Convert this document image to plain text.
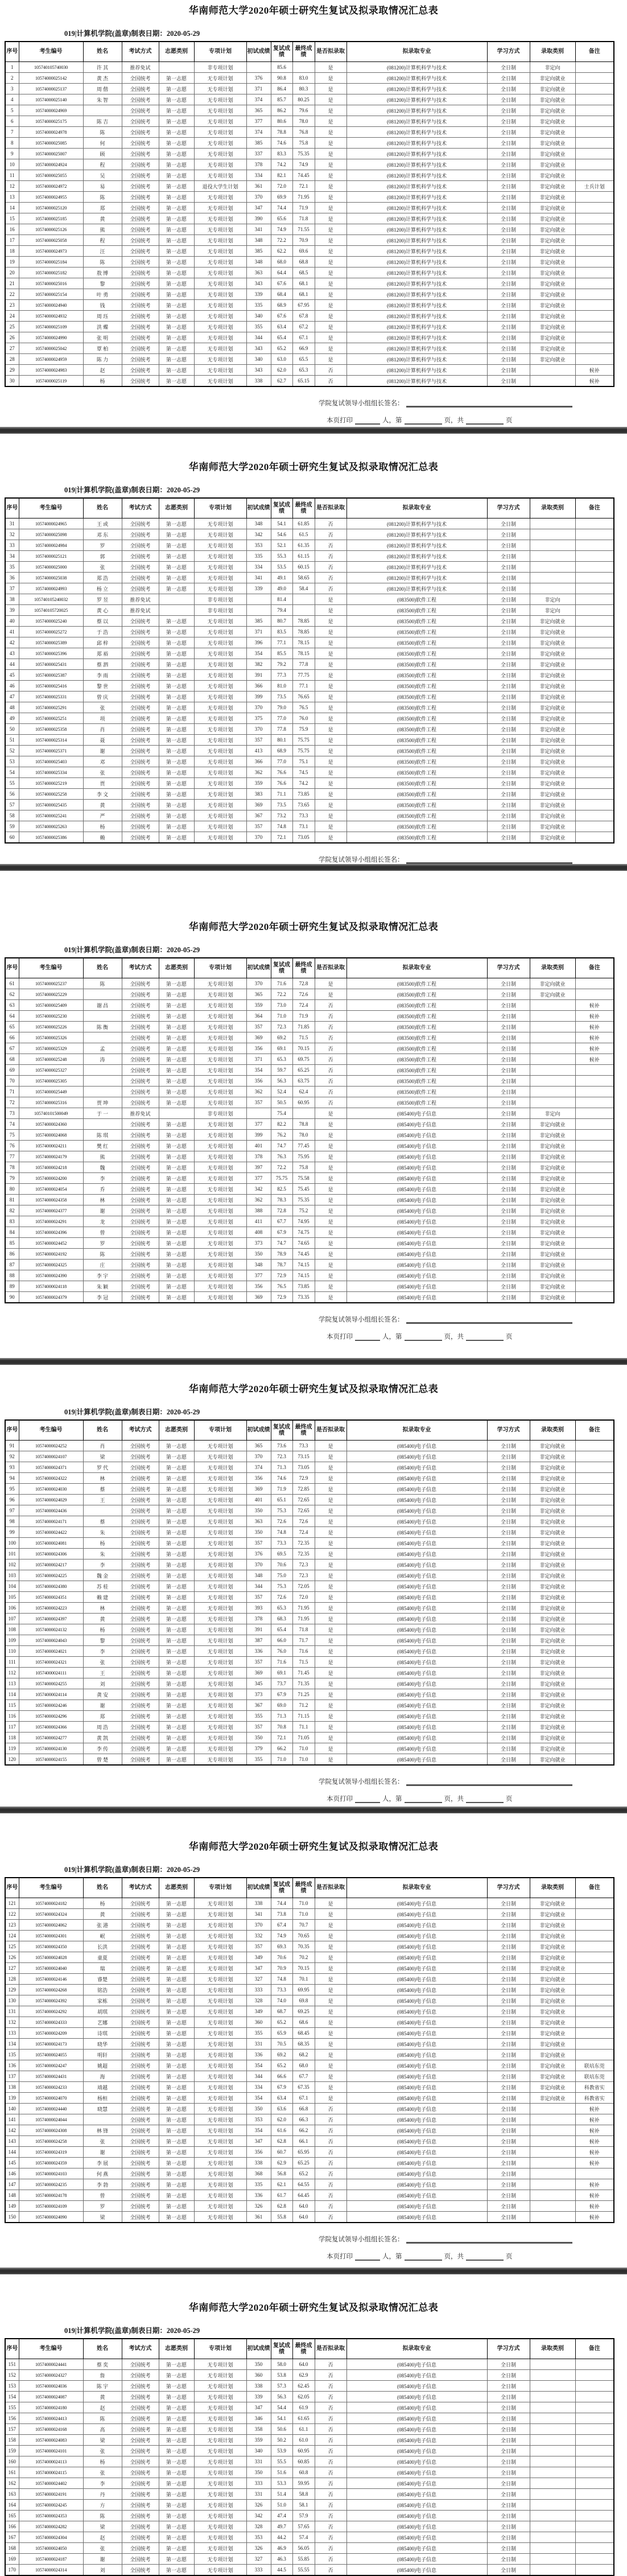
华南师范大学2020年硕士研究生复试及拟录取情况汇总表
019|计算机学院(盖章)制表日期：2020-05-29
序号	考生编号	姓名	考试方式	志愿类别	专项计划	初试成绩	复试成绩	最终成绩	是否拟录取	拟录取专业	学习方式	录取类别	备注
1	105740105740030	许 其	推荐免试		非专项计划		85.6		是	(081200)计算机科学与技术	全日制	非定向	
2	10574000025142	黄 杰	全国统考	第一志愿	无专项计划	376	90.8	83.0	是	(081200)计算机科学与技术	全日制	非定向就业	
3	10574000025137	周 偕	全国统考	第一志愿	无专项计划	371	86.4	80.3	是	(081200)计算机科学与技术	全日制	非定向就业	
4	10574000025140	朱 智	全国统考	第一志愿	无专项计划	374	85.7	80.25	是	(081200)计算机科学与技术	全日制	非定向就业	
5	10574000024969		全国统考	第一志愿	无专项计划	365	86.2	79.6	是	(081200)计算机科学与技术	全日制	非定向就业	
6	10574000025175	陈 吉	全国统考	第一志愿	无专项计划	377	80.6	78.0	是	(081200)计算机科学与技术	全日制	非定向就业	
7	10574000024978	陈	全国统考	第一志愿	无专项计划	374	78.8	76.8	是	(081200)计算机科学与技术	全日制	非定向就业	
8	10574000025085	何	全国统考	第一志愿	无专项计划	385	74.6	75.8	是	(081200)计算机科学与技术	全日制	非定向就业	
9	10574000025007	顾	全国统考	第一志愿	无专项计划	337	83.3	75.35	是	(081200)计算机科学与技术	全日制	非定向就业	
10	10574000024924	程	全国统考	第一志愿	无专项计划	378	74.2	74.9	是	(081200)计算机科学与技术	全日制	非定向就业	
11	10574000025055	吴	全国统考	第一志愿	无专项计划	334	82.1	74.45	是	(081200)计算机科学与技术	全日制	非定向就业	
12	10574000024972	易	全国统考	第一志愿	退役大学生计划	361	72.0	72.1	是	(081200)计算机科学与技术	全日制	非定向就业	士兵计划
13	10574000024955	陈	全国统考	第一志愿	无专项计划	370	69.9	71.95	是	(081200)计算机科学与技术	全日制	非定向就业	
14	10574000025120	郑	全国统考	第一志愿	无专项计划	347	74.4	71.9	是	(081200)计算机科学与技术	全日制	非定向就业	
15	10574000025185	黄	全国统考	第一志愿	无专项计划	390	65.6	71.8	是	(081200)计算机科学与技术	全日制	非定向就业	
16	10574000025126	熊	全国统考	第一志愿	无专项计划	341	74.9	71.55	是	(081200)计算机科学与技术	全日制	非定向就业	
17	10574000025058	程	全国统考	第一志愿	无专项计划	348	72.2	70.9	是	(081200)计算机科学与技术	全日制	非定向就业	
18	10574000024973	汪	全国统考	第一志愿	无专项计划	385	62.2	69.6	是	(081200)计算机科学与技术	全日制	非定向就业	
19	10574000025184	陈	全国统考	第一志愿	无专项计划	348	68.0	68.8	是	(081200)计算机科学与技术	全日制	非定向就业	
20	10574000025182	敖 博	全国统考	第一志愿	无专项计划	363	64.4	68.5	是	(081200)计算机科学与技术	全日制	非定向就业	
21	10574000025016	黎	全国统考	第一志愿	无专项计划	343	67.6	68.1	是	(081200)计算机科学与技术	全日制	非定向就业	
22	10574000025154	叶 勇	全国统考	第一志愿	无专项计划	339	68.4	68.1	是	(081200)计算机科学与技术	全日制	非定向就业	
23	10574000024940	钱	全国统考	第一志愿	无专项计划	335	68.9	67.95	是	(081200)计算机科学与技术	全日制	非定向就业	
24	10574000024932	周 珏	全国统考	第一志愿	无专项计划	340	67.6	67.8	是	(081200)计算机科学与技术	全日制	非定向就业	
25	10574000025109	洪 蝶	全国统考	第一志愿	无专项计划	355	63.4	67.2	是	(081200)计算机科学与技术	全日制	非定向就业	
26	10574000024990	张 明	全国统考	第一志愿	无专项计划	344	65.4	67.1	是	(081200)计算机科学与技术	全日制	非定向就业	
27	10574000025042	覃 柏	全国统考	第一志愿	无专项计划	343	65.2	66.9	是	(081200)计算机科学与技术	全日制	非定向就业	
28	10574000024959	陈 力	全国统考	第一志愿	无专项计划	340	63.0	65.5	是	(081200)计算机科学与技术	全日制	非定向就业	
29	10574000024983	赵	全国统考	第一志愿	无专项计划	343	62.0	65.3	否	(081200)计算机科学与技术	全日制		候补
30	10574000025119	杨	全国统考	第一志愿	无专项计划	338	62.7	65.15	否	(081200)计算机科学与技术	全日制		候补
学院复试领导小组组长签名：
本页打印	人，第	页，共	页
华南师范大学2020年硕士研究生复试及拟录取情况汇总表
019|计算机学院(盖章)制表日期：2020-05-29
序号	考生编号	姓名	考试方式	志愿类别	专项计划	初试成绩	复试成绩	最终成绩	是否拟录取	拟录取专业	学习方式	录取类别	备注
31	10574000024965	王 或	全国统考	第一志愿	无专项计划	348	54.1	61.85	否	(081200)计算机科学与技术	全日制		
32	10574000025098	邓 东	全国统考	第一志愿	无专项计划	342	54.6	61.5	否	(081200)计算机科学与技术	全日制		
33	10574000024984	罗	全国统考	第一志愿	无专项计划	353	52.1	61.35	否	(081200)计算机科学与技术	全日制		
34	10574000025121	郭	全国统考	第一志愿	无专项计划	335	55.3	61.15	否	(081200)计算机科学与技术	全日制		
35	10574000025000	张	全国统考	第一志愿	无专项计划	334	53.5	60.15	否	(081200)计算机科学与技术	全日制		
36	10574000025038	郑 浩	全国统考	第一志愿	无专项计划	341	49.1	58.65	否	(081200)计算机科学与技术	全日制		
37	10574000024993	杨 立	全国统考	第一志愿	无专项计划	339	49.0	58.4	否	(081200)计算机科学与技术	全日制		
38	105740105240032	罗 昱	推荐免试		非专项计划		81.4		是	(083500)软件工程	全日制	非定向	
39	105740105720025	黄 心	推荐免试		非专项计划		79.4		是	(083500)软件工程	全日制	非定向	
40	10574000025240	蔡 以	全国统考	第一志愿	无专项计划	385	80.7	78.85	是	(083500)软件工程	全日制	非定向就业	
41	10574000025272	于 浩	全国统考	第一志愿	无专项计划	371	83.5	78.85	是	(083500)软件工程	全日制	非定向就业	
42	10574000025389	邱 梓	全国统考	第一志愿	无专项计划	396	77.1	78.15	是	(083500)软件工程	全日制	非定向就业	
43	10574000025396	郑 裕	全国统考	第一志愿	无专项计划	354	85.5	78.15	是	(083500)软件工程	全日制	非定向就业	
44	10574000025431	蔡 泗	全国统考	第一志愿	无专项计划	382	79.2	77.8	是	(083500)软件工程	全日制	非定向就业	
45	10574000025387	李 雨	全国统考	第一志愿	无专项计划	391	77.3	77.75	是	(083500)软件工程	全日制	非定向就业	
46	10574000025416	黎 世	全国统考	第一志愿	无专项计划	366	81.0	77.1	是	(083500)软件工程	全日制	非定向就业	
47	10574000025331	曾 庆	全国统考	第一志愿	无专项计划	399	73.5	76.65	是	(083500)软件工程	全日制	非定向就业	
48	10574000025291	张	全国统考	第一志愿	无专项计划	370	79.0	76.5	是	(083500)软件工程	全日制	非定向就业	
49	10574000025251	项	全国统考	第一志愿	无专项计划	375	77.0	76.0	是	(083500)软件工程	全日制	非定向就业	
50	10574000025358	肖	全国统考	第一志愿	无专项计划	370	77.8	75.9	是	(083500)软件工程	全日制	非定向就业	
51	10574000025314	聂	全国统考	第一志愿	无专项计划	357	80.1	75.75	是	(083500)软件工程	全日制	非定向就业	
52	10574000025371	谢	全国统考	第一志愿	无专项计划	413	68.9	75.75	是	(083500)软件工程	全日制	非定向就业	
53	10574000025403	邓	全国统考	第一志愿	无专项计划	366	77.0	75.1	是	(083500)软件工程	全日制	非定向就业	
54	10574000025334	张	全国统考	第一志愿	无专项计划	362	76.6	74.5	是	(083500)软件工程	全日制	非定向就业	
55	10574000025219	贾	全国统考	第一志愿	无专项计划	359	76.6	74.2	是	(083500)软件工程	全日制	非定向就业	
56	10574000025258	李 文	全国统考	第一志愿	无专项计划	383	71.1	73.85	是	(083500)软件工程	全日制	非定向就业	
57	10574000025435	黄	全国统考	第一志愿	无专项计划	369	73.5	73.65	是	(083500)软件工程	全日制	非定向就业	
58	10574000025241	严	全国统考	第一志愿	无专项计划	367	73.2	73.3	是	(083500)软件工程	全日制	非定向就业	
59	10574000025263	杨	全国统考	第一志愿	无专项计划	357	74.8	73.1	是	(083500)软件工程	全日制	非定向就业	
60	10574000025386	赖	全国统考	第一志愿	无专项计划	370	72.1	73.05	是	(083500)软件工程	全日制	非定向就业	
学院复试领导小组组长签名：
华南师范大学2020年硕士研究生复试及拟录取情况汇总表
019|计算机学院(盖章)制表日期：2020-05-29
序号	考生编号	姓名	考试方式	志愿类别	专项计划	初试成绩	复试成绩	最终成绩	是否拟录取	拟录取专业	学习方式	录取类别	备注
61	10574000025237	陈	全国统考	第一志愿	无专项计划	370	71.6	72.8	是	(083500)软件工程	全日制	非定向就业	
62	10574000025229		全国统考	第一志愿	无专项计划	365	72.2	72.6	是	(083500)软件工程	全日制	非定向就业	
63	10574000025409	谢 昌	全国统考	第一志愿	无专项计划	359	73.0	72.4	否	(083500)软件工程	全日制		候补
64	10574000025230		全国统考	第一志愿	无专项计划	364	71.0	71.9	否	(083500)软件工程	全日制		候补
65	10574000025226	陈 衡	全国统考	第一志愿	无专项计划	357	72.3	71.85	否	(083500)软件工程	全日制		候补
66	10574000025326		全国统考	第一志愿	无专项计划	369	69.2	71.5	否	(083500)软件工程	全日制		候补
67	10574000025329	孟	全国统考	第一志愿	无专项计划	356	69.1	70.15	否	(083500)软件工程	全日制		候补
68	10574000025248	涛	全国统考	第一志愿	无专项计划	371	65.3	69.75	否	(083500)软件工程	全日制		候补
69	10574000025327		全国统考	第一志愿	无专项计划	354	59.7	65.25	否	(083500)软件工程	全日制		
70	10574000025305		全国统考	第一志愿	无专项计划	356	56.3	63.75	否	(083500)软件工程	全日制		
71	10574000025449		全国统考	第一志愿	无专项计划	362	52.4	62.4	否	(083500)软件工程	全日制		
72	10574000025316	贾 坤	全国统考	第一志愿	无专项计划	357	50.5	60.95	否	(083500)软件工程	全日制		
73	105740101500049	于 一	推荐免试		非专项计划		75.4		是	(085400)电子信息	全日制	非定向	
74	10574000024360		全国统考	第一志愿	无专项计划	377	82.2	78.8	是	(085400)电子信息	全日制	非定向就业	
75	10574000024068	陈 琪	全国统考	第一志愿	无专项计划	399	76.2	78.0	是	(085400)电子信息	全日制	非定向就业	
76	10574000024211	樊 红	全国统考	第一志愿	无专项计划	401	74.7	77.45	是	(085400)电子信息	全日制	非定向就业	
77	10574000024179	熊	全国统考	第一志愿	无专项计划	378	76.3	75.95	是	(085400)电子信息	全日制	非定向就业	
78	10574000024218	魏	全国统考	第一志愿	无专项计划	397	72.2	75.8	是	(085400)电子信息	全日制	非定向就业	
79	10574000024200	李	全国统考	第一志愿	无专项计划	377	75.75	75.58	是	(085400)电子信息	全日制	非定向就业	
80	10574000024054	乔	全国统考	第一志愿	无专项计划	342	82.5	75.45	是	(085400)电子信息	全日制	非定向就业	
81	10574000024358	林	全国统考	第一志愿	无专项计划	362	78.3	75.35	是	(085400)电子信息	全日制	非定向就业	
82	10574000024377	谢	全国统考	第一志愿	无专项计划	388	72.8	75.2	是	(085400)电子信息	全日制	非定向就业	
83	10574000024291	龙	全国统考	第一志愿	无专项计划	411	67.7	74.95	是	(085400)电子信息	全日制	非定向就业	
84	10574000024396	曾	全国统考	第一志愿	无专项计划	408	67.9	74.75	是	(085400)电子信息	全日制	非定向就业	
85	10574000024452	罗	全国统考	第一志愿	无专项计划	373	74.7	74.65	是	(085400)电子信息	全日制	非定向就业	
86	10574000024192	陈	全国统考	第一志愿	无专项计划	350	78.9	74.45	是	(085400)电子信息	全日制	非定向就业	
87	10574000024325	庄	全国统考	第一志愿	无专项计划	348	78.7	74.15	是	(085400)电子信息	全日制	非定向就业	
88	10574000024390	李 宇	全国统考	第一志愿	无专项计划	377	72.9	74.15	是	(085400)电子信息	全日制	非定向就业	
89	10574000024118	朱 颖	全国统考	第一志愿	无专项计划	356	76.5	73.85	是	(085400)电子信息	全日制	非定向就业	
90	10574000024379	李 冠	全国统考	第一志愿	无专项计划	369	72.9	73.35	是	(085400)电子信息	全日制	非定向就业	
学院复试领导小组组长签名：
本页打印	人，第	页，共	页
华南师范大学2020年硕士研究生复试及拟录取情况汇总表
019|计算机学院(盖章)制表日期：2020-05-29
序号	考生编号	姓名	考试方式	志愿类别	专项计划	初试成绩	复试成绩	最终成绩	是否拟录取	拟录取专业	学习方式	录取类别	备注
91	10574000024252	肖	全国统考	第一志愿	无专项计划	365	73.6	73.3	是	(085400)电子信息	全日制	非定向就业	
92	10574000024107	梁	全国统考	第一志愿	无专项计划	370	72.3	73.15	是	(085400)电子信息	全日制	非定向就业	
93	10574000024371	罗 代	全国统考	第一志愿	无专项计划	374	71.3	73.05	是	(085400)电子信息	全日制	非定向就业	
94	10574000024322	林	全国统考	第一志愿	无专项计划	356	74.6	72.9	是	(085400)电子信息	全日制	非定向就业	
95	10574000024030	蔡	全国统考	第一志愿	无专项计划	369	71.9	72.85	是	(085400)电子信息	全日制	非定向就业	
96	10574000024029	王	全国统考	第一志愿	无专项计划	401	65.1	72.65	是	(085400)电子信息	全日制	非定向就业	
97	10574000024436		全国统考	第一志愿	无专项计划	350	75.3	72.65	是	(085400)电子信息	全日制	非定向就业	
98	10574000024171	蔡	全国统考	第一志愿	无专项计划	363	72.6	72.6	是	(085400)电子信息	全日制	非定向就业	
99	10574000024422	朱	全国统考	第一志愿	无专项计划	350	74.8	72.4	是	(085400)电子信息	全日制	非定向就业	
100	10574000024081	杨	全国统考	第一志愿	无专项计划	357	73.3	72.35	是	(085400)电子信息	全日制	非定向就业	
101	10574000024306	朱	全国统考	第一志愿	无专项计划	376	69.5	72.35	是	(085400)电子信息	全日制	非定向就业	
102	10574000024217	李	全国统考	第一志愿	无专项计划	370	70.6	72.3	是	(085400)电子信息	全日制	非定向就业	
103	10574000024225	魏 金	全国统考	第一志愿	无专项计划	348	75.0	72.3	是	(085400)电子信息	全日制	非定向就业	
104	10574000024380	苏 桂	全国统考	第一志愿	无专项计划	344	75.3	72.05	是	(085400)电子信息	全日制	非定向就业	
105	10574000024351	赖 建	全国统考	第一志愿	无专项计划	357	72.6	72.0	是	(085400)电子信息	全日制	非定向就业	
106	10574000024223	林	全国统考	第一志愿	无专项计划	393	65.3	71.95	是	(085400)电子信息	全日制	非定向就业	
107	10574000024397	黄	全国统考	第一志愿	无专项计划	378	68.3	71.95	是	(085400)电子信息	全日制	非定向就业	
108	10574000024132	杨	全国统考	第一志愿	无专项计划	391	65.4	71.8	是	(085400)电子信息	全日制	非定向就业	
109	10574000024043	黎	全国统考	第一志愿	无专项计划	387	66.0	71.7	是	(085400)电子信息	全日制	非定向就业	
110	10574000024021	李	全国统考	第一志愿	无专项计划	336	76.0	71.6	是	(085400)电子信息	全日制	非定向就业	
111	10574000024321	张	全国统考	第一志愿	无专项计划	357	71.6	71.5	是	(085400)电子信息	全日制	非定向就业	
112	10574000024111	王	全国统考	第一志愿	无专项计划	369	69.1	71.45	是	(085400)电子信息	全日制	非定向就业	
113	10574000024255	刘	全国统考	第一志愿	无专项计划	345	73.7	71.35	是	(085400)电子信息	全日制	非定向就业	
114	10574000024114	龚 安	全国统考	第一志愿	无专项计划	373	67.9	71.25	是	(085400)电子信息	全日制	非定向就业	
115	10574000024246	谢	全国统考	第一志愿	无专项计划	367	69.0	71.2	是	(085400)电子信息	全日制	非定向就业	
116	10574000024296	郑	全国统考	第一志愿	无专项计划	355	71.3	71.15	是	(085400)电子信息	全日制	非定向就业	
117	10574000024366	周 浩	全国统考	第一志愿	无专项计划	357	70.8	71.1	是	(085400)电子信息	全日制	非定向就业	
118	10574000024277	黄 凯	全国统考	第一志愿	无专项计划	350	72.1	71.05	是	(085400)电子信息	全日制	非定向就业	
119	10574000024130	李 传	全国统考	第一志愿	无专项计划	379	66.2	71.0	是	(085400)电子信息	全日制	非定向就业	
120	10574000024155	曾 楚	全国统考	第一志愿	无专项计划	355	71.0	71.0	是	(085400)电子信息	全日制	非定向就业	
学院复试领导小组组长签名：
本页打印	人，第	页，共	页
华南师范大学2020年硕士研究生复试及拟录取情况汇总表
019|计算机学院(盖章)制表日期：2020-05-29
序号	考生编号	姓名	考试方式	志愿类别	专项计划	初试成绩	复试成绩	最终成绩	是否拟录取	拟录取专业	学习方式	录取类别	备注
121	10574000024182	杨	全国统考	第一志愿	无专项计划	338	74.4	71.0	是	(085400)电子信息	全日制	非定向就业	
122	10574000024324	黄	全国统考	第一志愿	无专项计划	341	73.8	71.0	是	(085400)电子信息	全日制	非定向就业	
123	10574000024062	张 港	全国统考	第一志愿	无专项计划	370	67.4	70.7	是	(085400)电子信息	全日制	非定向就业	
124	10574000024301	岷	全国统考	第一志愿	无专项计划	332	74.9	70.65	是	(085400)电子信息	全日制	非定向就业	
125	10574000024350	长洪	全国统考	第一志愿	无专项计划	357	69.3	70.35	是	(085400)电子信息	全日制	非定向就业	
126	10574000024028	童夏	全国统考	第一志愿	无专项计划	349	70.6	70.2	是	(085400)电子信息	全日制	非定向就业	
127	10574000024040	瑞	全国统考	第一志愿	无专项计划	347	70.9	70.15	是	(085400)电子信息	全日制	非定向就业	
128	10574000024146	睿楚	全国统考	第一志愿	无专项计划	327	74.8	70.1	是	(085400)电子信息	全日制	非定向就业	
129	10574000024268	铭浩	全国统考	第一志愿	无专项计划	333	73.3	69.95	是	(085400)电子信息	全日制	非定向就业	
130	10574000024392	家栋	全国统考	第一志愿	无专项计划	328	74.0	69.8	是	(085400)电子信息	全日制	非定向就业	
131	10574000024292	胡琪	全国统考	第一志愿	无专项计划	349	68.7	69.25	是	(085400)电子信息	全日制	非定向就业	
132	10574000024333	艺娜	全国统考	第一志愿	无专项计划	360	65.2	68.6	是	(085400)电子信息	全日制	非定向就业	
133	10574000024209	诗琪	全国统考	第一志愿	无专项计划	355	65.9	68.45	是	(085400)电子信息	全日制	非定向就业	
134	10574000024173	晓华	全国统考	第一志愿	无专项计划	331	70.5	68.35	是	(085400)电子信息	全日制	非定向就业	
135	10574000024055	明轩	全国统考	第一志愿	无专项计划	336	69.2	68.2	是	(085400)电子信息	全日制	非定向就业	
136	10574000024247	姚超	全国统考	第一志愿	无专项计划	354	65.2	68.0	是	(085400)电子信息	全日制	非定向就业	联培东莞
137	10574000024431	海	全国统考	第一志愿	无专项计划	344	66.6	67.7	是	(085400)电子信息	全日制	非定向就业	联培东莞
138	10574000024233	靖越	全国统考	第一志愿	无专项计划	334	67.9	67.35	是	(085400)电子信息	全日制	非定向就业	科教省实
139	10574000024070	杨桓	全国统考	第一志愿	无专项计划	354	63.4	67.1	是	(085400)电子信息	全日制	非定向就业	科教省实
140	10574000024440	晓慧	全国统考	第一志愿	无专项计划	350	63.6	66.8	否	(085400)电子信息	全日制		候补
141	10574000024044		全国统考	第一志愿	无专项计划	353	62.0	66.3	否	(085400)电子信息	全日制		候补
142	10574000024308	林 锋	全国统考	第一志愿	无专项计划	354	61.6	66.2	否	(085400)电子信息	全日制		候补
143	10574000024258	张	全国统考	第一志愿	无专项计划	347	62.8	66.1	否	(085400)电子信息	全日制		候补
144	10574000024319	谢	全国统考	第一志愿	无专项计划	356	60.7	65.95	否	(085400)电子信息	全日制		候补
145	10574000024359	李 展	全国统考	第一志愿	无专项计划	338	62.9	65.25	否	(085400)电子信息	全日制		候补
146	10574000024103	何 燕	全国统考	第一志愿	无专项计划	368	56.8	65.2	否	(085400)电子信息	全日制		
147	10574000024235	李 勃	全国统考	第一志愿	无专项计划	335	62.1	64.55	否	(085400)电子信息	全日制		候补
148	10574000024178	曾	全国统考	第一志愿	无专项计划	336	61.7	64.45	否	(085400)电子信息	全日制		候补
149	10574000024109	罗	全国统考	第一志愿	无专项计划	326	62.8	64.0	否	(085400)电子信息	全日制		候补
150	10574000024090	梁	全国统考	第一志愿	无专项计划	361	55.8	64.0	否	(085400)电子信息	全日制		候补
学院复试领导小组组长签名：
本页打印	人，第	页，共	页
华南师范大学2020年硕士研究生复试及拟录取情况汇总表
019|计算机学院(盖章)制表日期：2020-05-29
序号	考生编号	姓名	考试方式	志愿类别	专项计划	初试成绩	复试成绩	最终成绩	是否拟录取	拟录取专业	学习方式	录取类别	备注
151	10574000024441	蔡 奕	全国统考	第一志愿	无专项计划	350	58.0	64.0	否	(085400)电子信息	全日制		
152	10574000024327	詹	全国统考	第一志愿	无专项计划	360	53.8	62.9	否	(085400)电子信息	全日制		
153	10574000024036	陈 宇	全国统考	第一志愿	无专项计划	338	57.3	62.45	否	(085400)电子信息	全日制		
154	10574000024087	黄	全国统考	第一志愿	无专项计划	339	56.3	62.05	否	(085400)电子信息	全日制		
155	10574000024180	赵	全国统考	第一志愿	无专项计划	347	54.4	61.9	否	(085400)电子信息	全日制		
156	10574000024413	陈	全国统考	第一志愿	无专项计划	346	54.1	61.65	否	(085400)电子信息	全日制		
157	10574000024168	高	全国统考	第一志愿	无专项计划	358	50.6	61.1	否	(085400)电子信息	全日制		
158	10574000024083	梁	全国统考	第一志愿	无专项计划	359	50.2	61.0	否	(085400)电子信息	全日制		
159	10574000024101	张	全国统考	第一志愿	无专项计划	340	53.9	60.95	否	(085400)电子信息	全日制		
160	10574000024113	杨	全国统考	第一志愿	无专项计划	331	55.5	60.85	否	(085400)电子信息	全日制		
161	10574000024115	张	全国统考	第一志愿	无专项计划	350	51.6	60.8	否	(085400)电子信息	全日制		
162	10574000024402	李	全国统考	第一志愿	无专项计划	333	53.3	59.95	否	(085400)电子信息	全日制		
163	10574000024191	丹	全国统考	第一志愿	无专项计划	331	51.4	58.8	否	(085400)电子信息	全日制		
164	10574000024245	方	全国统考	第一志愿	无专项计划	326	51.0	58.1	否	(085400)电子信息	全日制		
165	10574000024353	陈	全国统考	第一志愿	无专项计划	342	47.4	57.9	否	(085400)电子信息	全日制		
166	10574000024282	梁	全国统考	第一志愿	无专项计划	328	49.7	57.65	否	(085400)电子信息	全日制		
167	10574000024304	赵	全国统考	第一志愿	无专项计划	353	44.2	57.4	否	(085400)电子信息	全日制		
168	10574000024050	张	全国统考	第一志愿	无专项计划	326	46.9	56.05	否	(085400)电子信息	全日制		
169	10574000024187	谢	全国统考	第一志愿	无专项计划	327	46.3	55.85	否	(085400)电子信息	全日制		
170	10574000024314	刘	全国统考	第一志愿	无专项计划	333	44.5	55.55	否	(085400)电子信息	全日制		
